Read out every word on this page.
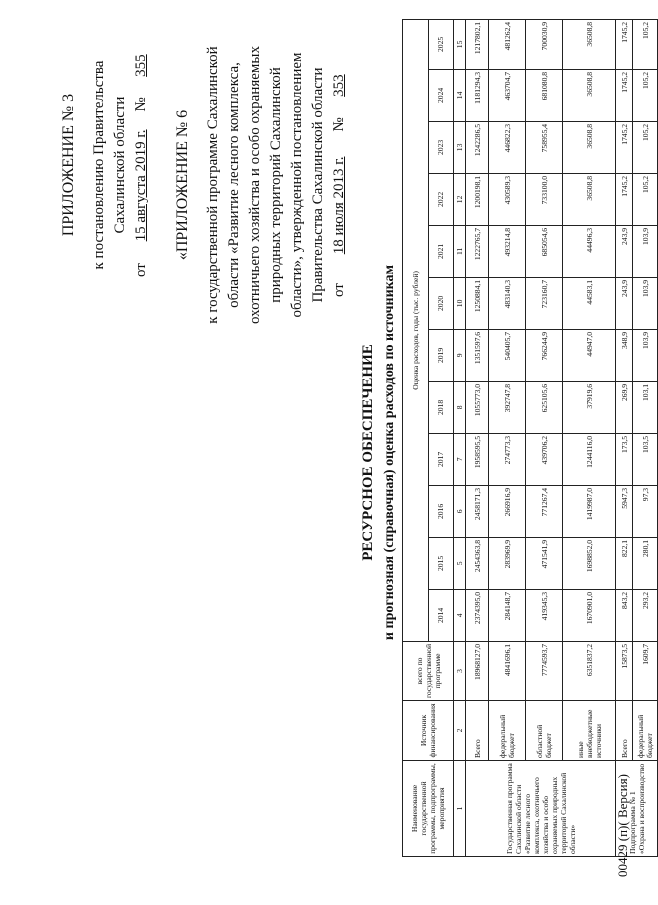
ПРИЛОЖЕНИЕ № 3 к постановлению Правительства Сахалинской области
от 15 августа 2019 г. № 355
«ПРИЛОЖЕНИЕ № 6 к государственной программе Сахалинской области «Развитие лесного комплекса, охотничьего хозяйства и особо охраняемых природных территорий Сахалинской области», утвержденной постановлением Правительства Сахалинской области от 18 июля 2013 г. № 353
РЕСУРСНОЕ ОБЕСПЕЧЕНИЕ и прогнозная (справочная) оценка расходов по источникам
Наименование государственной программы, подпрограммы, мероприятия	Источник финансирования	всего по государственной программе	Оценка расходов, годы (тыс. рублей)											
			2014	2015	2016	2017	2018	2019	2020	2021	2022	2023	2024	2025
1	2	3	4	5	6	7	8	9	10	11	12	13	14	15
Государственная программа Сахалинской области «Развитие лесного комплекса, охотничьего хозяйства и особо охраняемых природных территорий Сахалинской области»	Всего	18968127,0	2374395,0	2454363,8	2458171,3	1958595,5	1055773,0	1351597,6	1250884,1	1222765,7	1200198,1	1242286,5	1181294,3	1217802,1
	федеральный бюджет	4841696,1	284148,7	283969,9	266916,9	274773,3	392747,8	540405,7	483140,3	493214,8	430589,3	446822,3	463704,7	481262,4
	областной бюджет	7774593,7	419345,3	471541,9	771267,4	439706,2	625105,6	766244,9	723160,7	685054,6	733100,0	758955,4	681080,8	700030,9
	иные внебюджетные источники	6351837,2	1670901,0	1698852,0	1419987,0	1244116,0	37919,6	44947,0	44583,1	44496,3	36508,8	36508,8	36508,8	36508,8
Подпрограмма № 1 «Охрана и воспроизводство	Всего	15873,5	843,2	822,1	5947,3	173,5	269,9	348,9	243,9	243,9	1745,2	1745,2	1745,2	1745,2
	федеральный бюджет	1609,7	293,2	280,1	97,3	103,5	103,1	103,9	103,9	103,9	105,2	105,2	105,2	105,2
00429 (п)( Версия)
